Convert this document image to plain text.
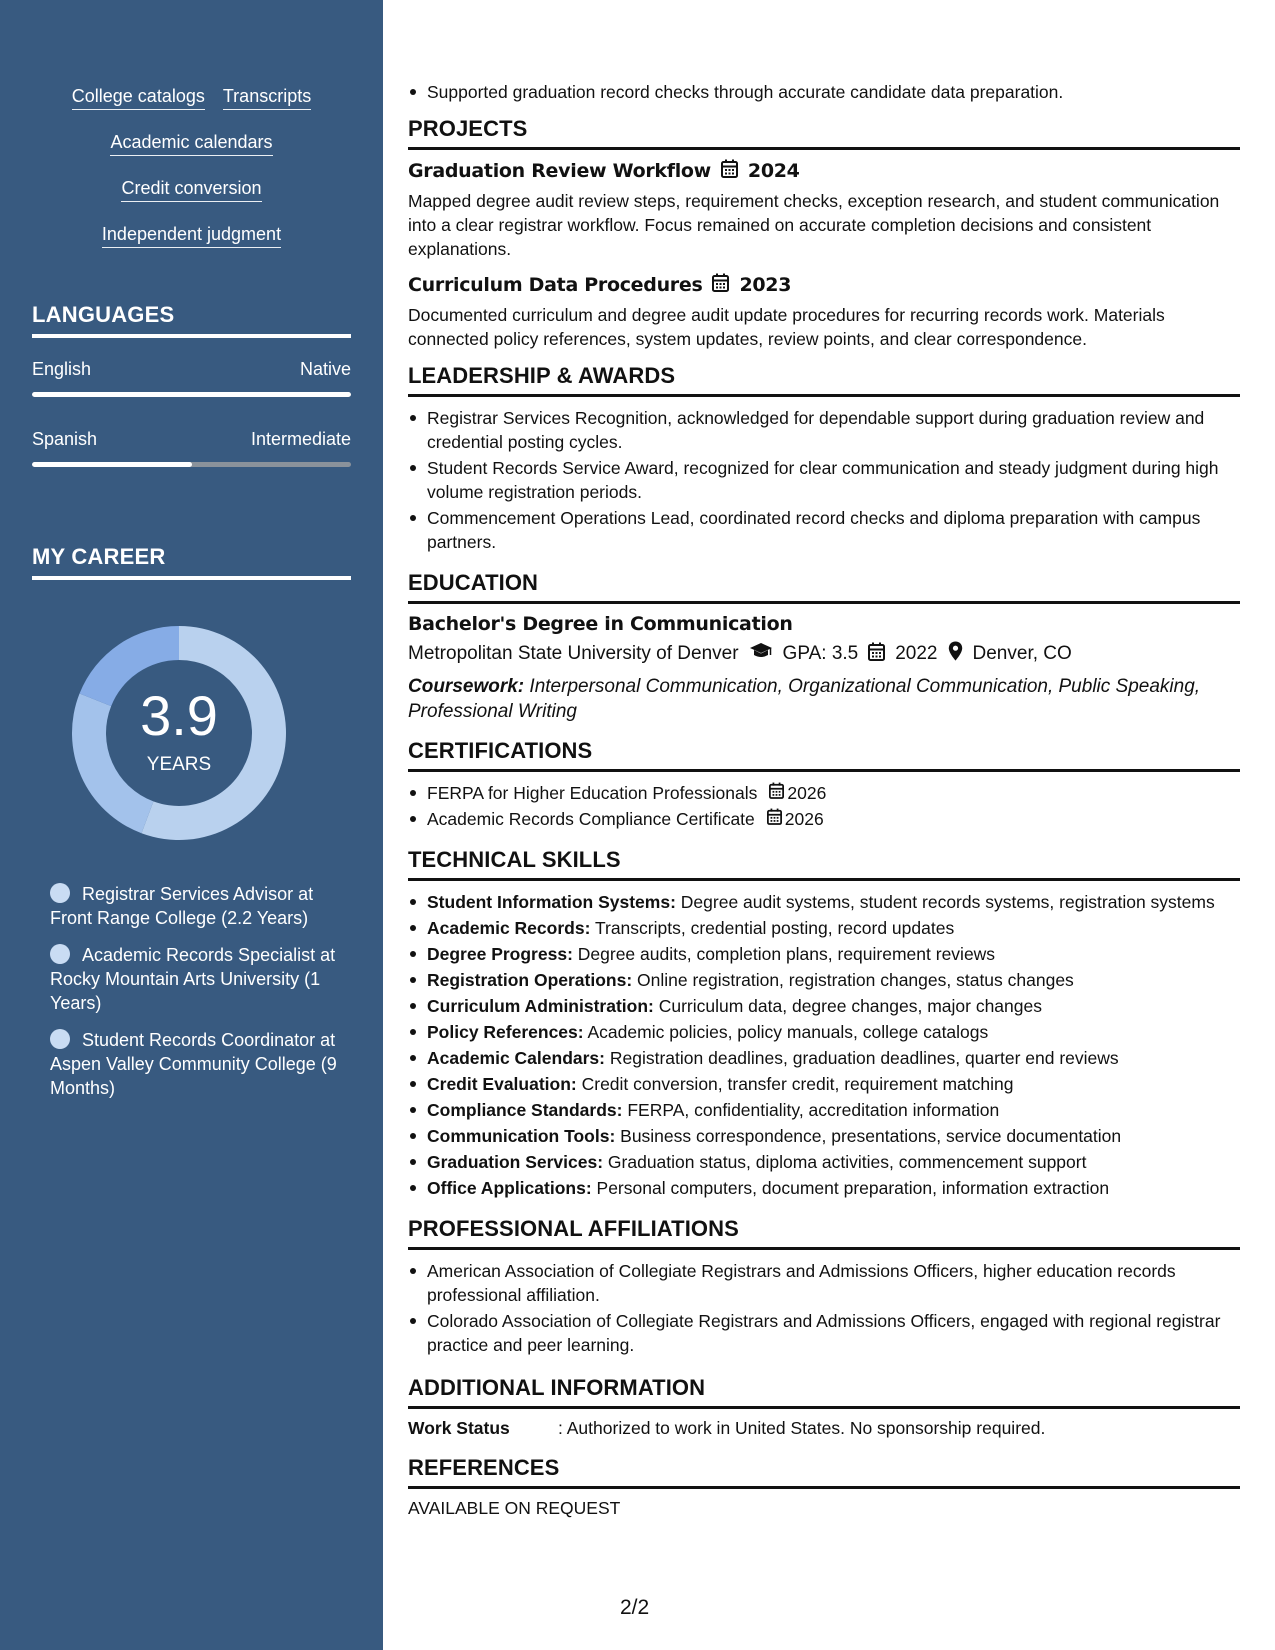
College catalogs Transcripts
Academic calendars
Credit conversion
Independent judgment
LANGUAGES
English	Native
Spanish	Intermediate
MY CAREER
3.9
YEARS
Registrar Services Advisor at Front Range College (2.2 Years)
Academic Records Specialist at Rocky Mountain Arts University (1 Years)
Student Records Coordinator at Aspen Valley Community College (9 Months)
Supported graduation record checks through accurate candidate data preparation.
PROJECTS
Graduation Review Workflow 2024
Mapped degree audit review steps, requirement checks, exception research, and student communication into a clear registrar workflow. Focus remained on accurate completion decisions and consistent explanations.
Curriculum Data Procedures 2023
Documented curriculum and degree audit update procedures for recurring records work. Materials connected policy references, system updates, review points, and clear correspondence.
LEADERSHIP & AWARDS
Registrar Services Recognition, acknowledged for dependable support during graduation review and credential posting cycles.
Student Records Service Award, recognized for clear communication and steady judgment during high volume registration periods.
Commencement Operations Lead, coordinated record checks and diploma preparation with campus partners.
EDUCATION
Bachelor's Degree in Communication
Metropolitan State University of Denver GPA: 3.5 2022 Denver, CO
Coursework: Interpersonal Communication, Organizational Communication, Public Speaking, Professional Writing
CERTIFICATIONS
FERPA for Higher Education Professionals 2026
Academic Records Compliance Certificate 2026
TECHNICAL SKILLS
Student Information Systems: Degree audit systems, student records systems, registration systems
Academic Records: Transcripts, credential posting, record updates
Degree Progress: Degree audits, completion plans, requirement reviews
Registration Operations: Online registration, registration changes, status changes
Curriculum Administration: Curriculum data, degree changes, major changes
Policy References: Academic policies, policy manuals, college catalogs
Academic Calendars: Registration deadlines, graduation deadlines, quarter end reviews
Credit Evaluation: Credit conversion, transfer credit, requirement matching
Compliance Standards: FERPA, confidentiality, accreditation information
Communication Tools: Business correspondence, presentations, service documentation
Graduation Services: Graduation status, diploma activities, commencement support
Office Applications: Personal computers, document preparation, information extraction
PROFESSIONAL AFFILIATIONS
American Association of Collegiate Registrars and Admissions Officers, higher education records professional affiliation.
Colorado Association of Collegiate Registrars and Admissions Officers, engaged with regional registrar practice and peer learning.
ADDITIONAL INFORMATION
Work Status	: Authorized to work in United States. No sponsorship required.
REFERENCES
AVAILABLE ON REQUEST
2/2
